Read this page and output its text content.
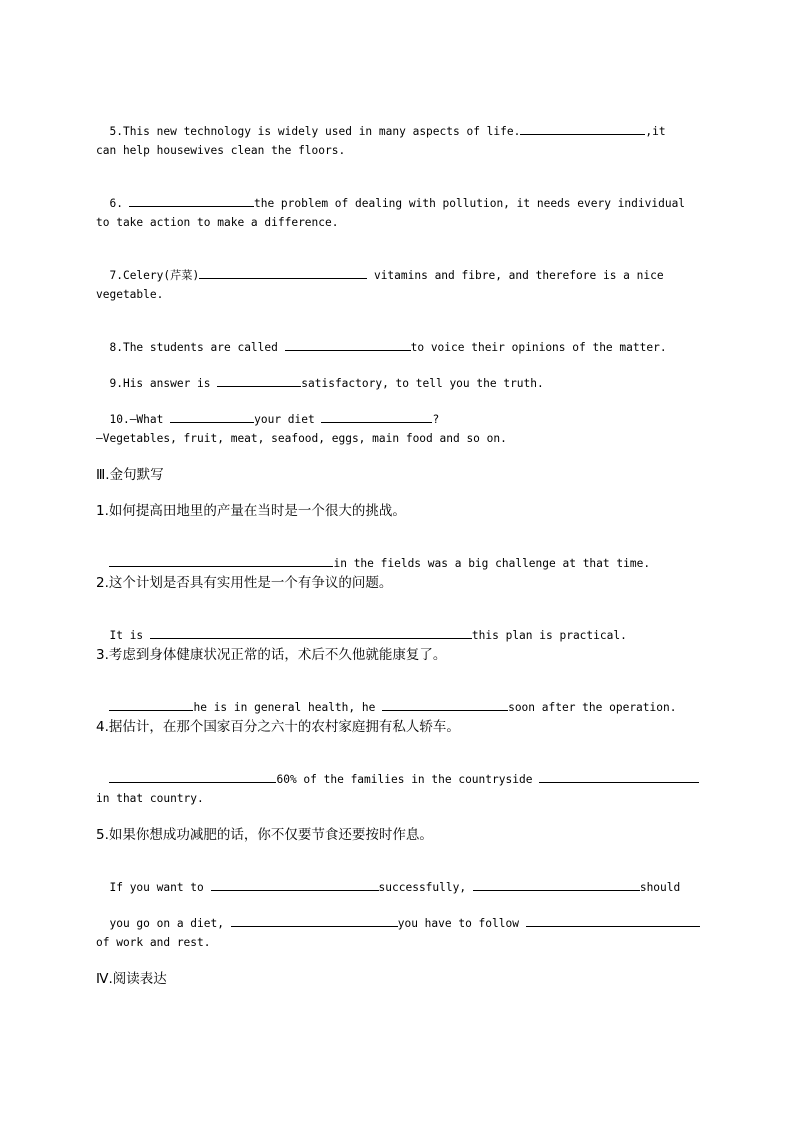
5.This new technology is widely used in many aspects of life.	,it

can help housewives clean the floors.

6.	the problem of dealing with pollution, it needs every individual

to take action to make a difference.

7.Celery(芹菜)	vitamins and fibre, and therefore is a nice

vegetable.

8.The students are called	to voice their opinions of the matter.

9.His answer is	satisfactory, to tell you the truth.

10.—What	your diet	?

—Vegetables, fruit, meat, seafood, eggs, main food and so on.
Ⅲ.金句默写
1.如何提高田地里的产量在当时是一个很大的挑战。

in the fields was a big challenge at that time.

2.这个计划是否具有实用性是一个有争议的问题。

It is	this plan is practical.

3.考虑到身体健康状况正常的话，术后不久他就能康复了。

he is in general health, he	soon after the operation.

4.据估计，在那个国家百分之六十的农村家庭拥有私人轿车。

60% of the families in the countryside

in that country.
5.如果你想成功减肥的话，你不仅要节食还要按时作息。

If you want to	successfully,	should

you go on a diet,	you have to follow

of work and rest.
Ⅳ.阅读表达
